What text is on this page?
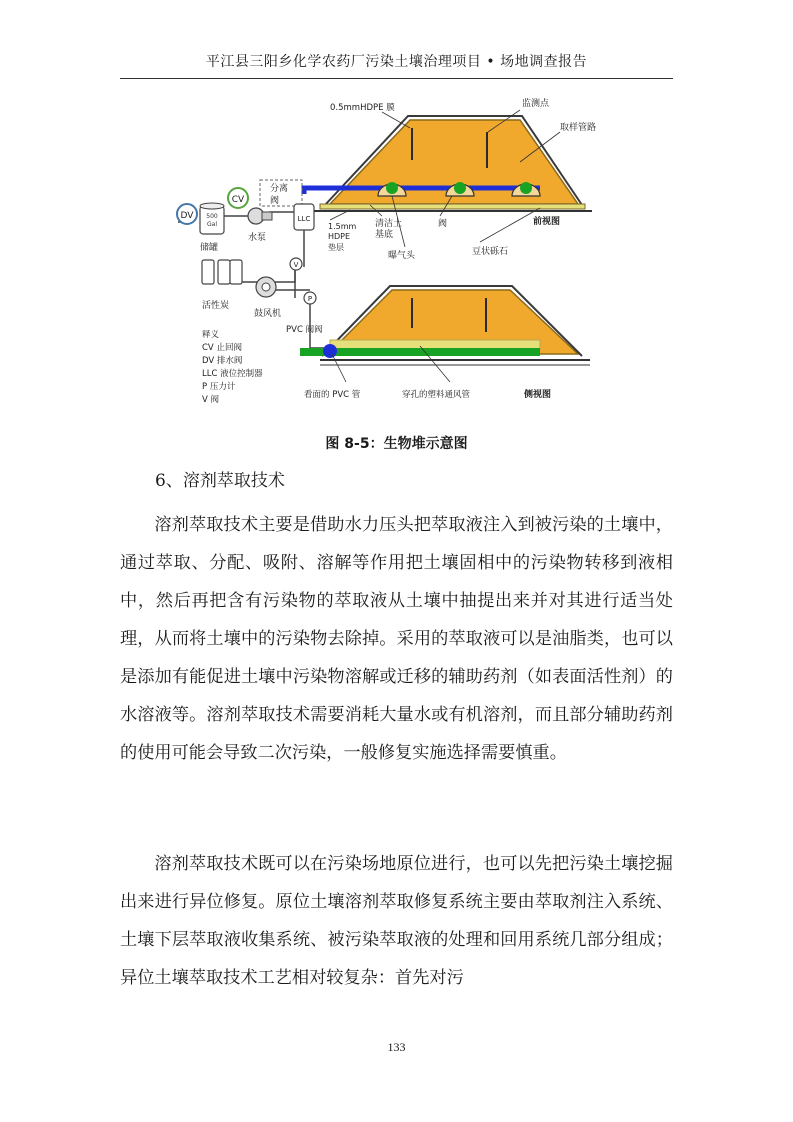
平江县三阳乡化学农药厂污染土壤治理项目 • 场地调查报告
0.5mmHDPE 膜	监测点
取样管路
前视图
清洁土
基底
阀
曝气头	豆状砾石
1.5mm
HDPE
垫层
DV 500
Gal
储罐
CV
水泵
分离
阀
LLC
活性炭
鼓风机
V
P
PVC 阀阀
释义
CV 止回阀
DV 排水阀
LLC 液位控制器
P 压力计
V 阀	看面的 PVC 管	穿孔的塑料通风管	侧视图
图 8-5：生物堆示意图
6、溶剂萃取技术

溶剂萃取技术主要是借助水力压头把萃取液注入到被污染的土壤中，通过萃取、分配、吸附、溶解等作用把土壤固相中的污染物转移到液相中，然后再把含有污染物的萃取液从土壤中抽提出来并对其进行适当处理，从而将土壤中的污染物去除掉。采用的萃取液可以是油脂类，也可以是添加有能促进土壤中污染物溶解或迁移的辅助药剂（如表面活性剂）的水溶液等。溶剂萃取技术需要消耗大量水或有机溶剂，而且部分辅助药剂的使用可能会导致二次污染，一般修复实施选择需要慎重。

溶剂萃取技术既可以在污染场地原位进行，也可以先把污染土壤挖掘出来进行异位修复。原位土壤溶剂萃取修复系统主要由萃取剂注入系统、土壤下层萃取液收集系统、被污染萃取液的处理和回用系统几部分组成；异位土壤萃取技术工艺相对较复杂：首先对污

133
